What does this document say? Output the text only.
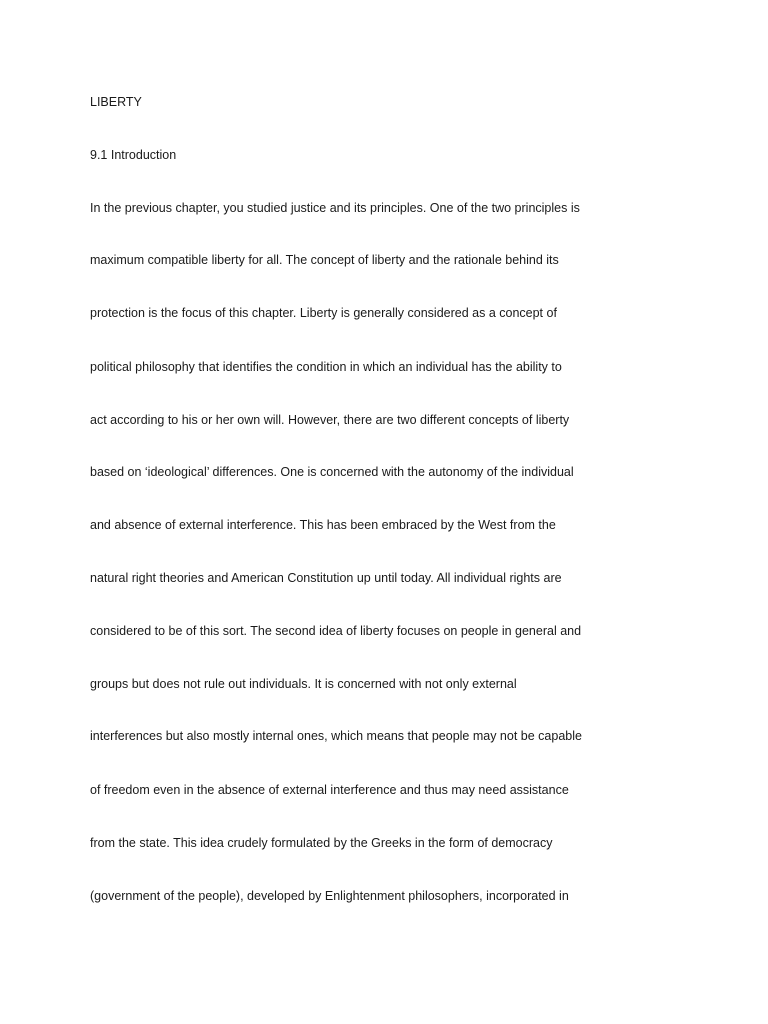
LIBERTY

9.1 Introduction

In the previous chapter, you studied justice and its principles. One of the two principles is

maximum compatible liberty for all. The concept of liberty and the rationale behind its

protection is the focus of this chapter. Liberty is generally considered as a concept of

political philosophy that identifies the condition in which an individual has the ability to

act according to his or her own will. However, there are two different concepts of liberty

based on ‘ideological’ differences. One is concerned with the autonomy of the individual

and absence of external interference. This has been embraced by the West from the

natural right theories and American Constitution up until today. All individual rights are

considered to be of this sort. The second idea of liberty focuses on people in general and

groups but does not rule out individuals. It is concerned with not only external

interferences but also mostly internal ones, which means that people may not be capable

of freedom even in the absence of external interference and thus may need assistance

from the state. This idea crudely formulated by the Greeks in the form of democracy

(government of the people), developed by Enlightenment philosophers, incorporated in
